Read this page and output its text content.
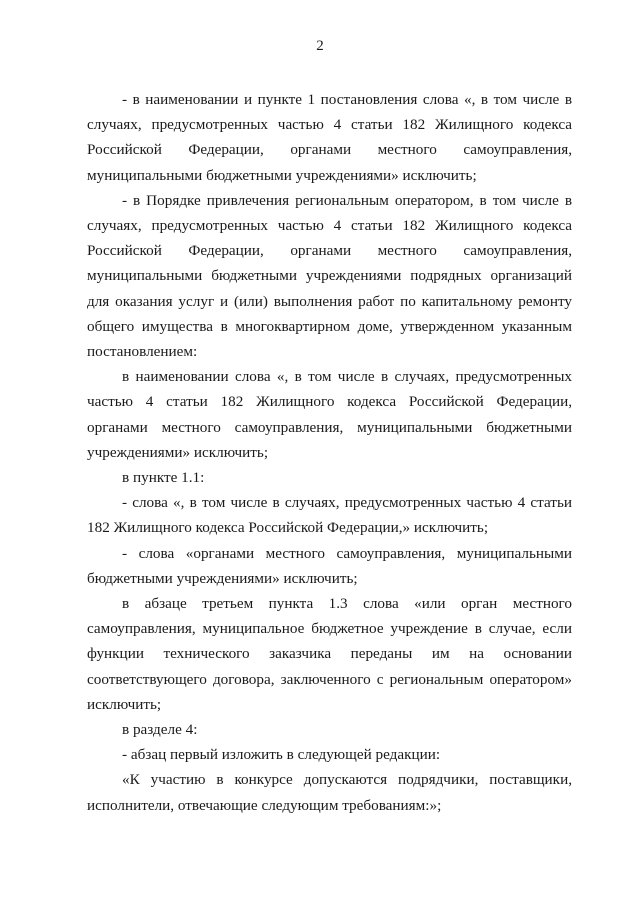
2

- в наименовании и пункте 1 постановления слова «, в том числе в случаях, предусмотренных частью 4 статьи 182 Жилищного кодекса Российской Федерации, органами местного самоуправления, муниципальными бюджетными учреждениями» исключить;

- в Порядке привлечения региональным оператором, в том числе в случаях, предусмотренных частью 4 статьи 182 Жилищного кодекса Российской Федерации, органами местного самоуправления, муниципальными бюджетными учреждениями подрядных организаций для оказания услуг и (или) выполнения работ по капитальному ремонту общего имущества в многоквартирном доме, утвержденном указанным постановлением:

в наименовании слова «, в том числе в случаях, предусмотренных частью 4 статьи 182 Жилищного кодекса Российской Федерации, органами местного самоуправления, муниципальными бюджетными учреждениями» исключить;

в пункте 1.1:

- слова «, в том числе в случаях, предусмотренных частью 4 статьи 182 Жилищного кодекса Российской Федерации,» исключить;

- слова «органами местного самоуправления, муниципальными бюджетными учреждениями» исключить;

в абзаце третьем пункта 1.3 слова «или орган местного самоуправления, муниципальное бюджетное учреждение в случае, если функции технического заказчика переданы им на основании соответствующего договора, заключенного с региональным оператором» исключить;

в разделе 4:

- абзац первый изложить в следующей редакции:

«К участию в конкурсе допускаются подрядчики, поставщики, исполнители, отвечающие следующим требованиям:»;
